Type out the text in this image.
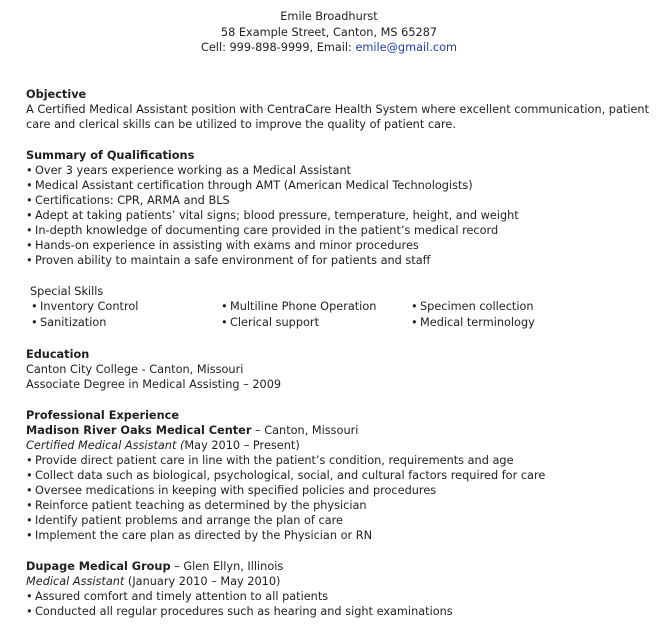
Emile Broadhurst
58 Example Street, Canton, MS 65287
Cell: 999-898-9999, Email: emile@gmail.com
Objective
A Certified Medical Assistant position with CentraCare Health System where excellent communication, patient care and clerical skills can be utilized to improve the quality of patient care.
Summary of Qualifications
• Over 3 years experience working as a Medical Assistant
• Medical Assistant certification through AMT (American Medical Technologists)
• Certifications: CPR, ARMA and BLS
• Adept at taking patients’ vital signs; blood pressure, temperature, height, and weight
• In-depth knowledge of documenting care provided in the patient’s medical record
• Hands-on experience in assisting with exams and minor procedures
• Proven ability to maintain a safe environment of for patients and staff
Special Skills
• Inventory Control	• Multiline Phone Operation	• Specimen collection
• Sanitization	• Clerical support	• Medical terminology
Education
Canton City College - Canton, Missouri
Associate Degree in Medical Assisting – 2009
Professional Experience
Madison River Oaks Medical Center – Canton, Missouri
Certified Medical Assistant (May 2010 – Present)
• Provide direct patient care in line with the patient’s condition, requirements and age
• Collect data such as biological, psychological, social, and cultural factors required for care
• Oversee medications in keeping with specified policies and procedures
• Reinforce patient teaching as determined by the physician
• Identify patient problems and arrange the plan of care
• Implement the care plan as directed by the Physician or RN
Dupage Medical Group – Glen Ellyn, Illinois
Medical Assistant (January 2010 – May 2010)
• Assured comfort and timely attention to all patients
• Conducted all regular procedures such as hearing and sight examinations
